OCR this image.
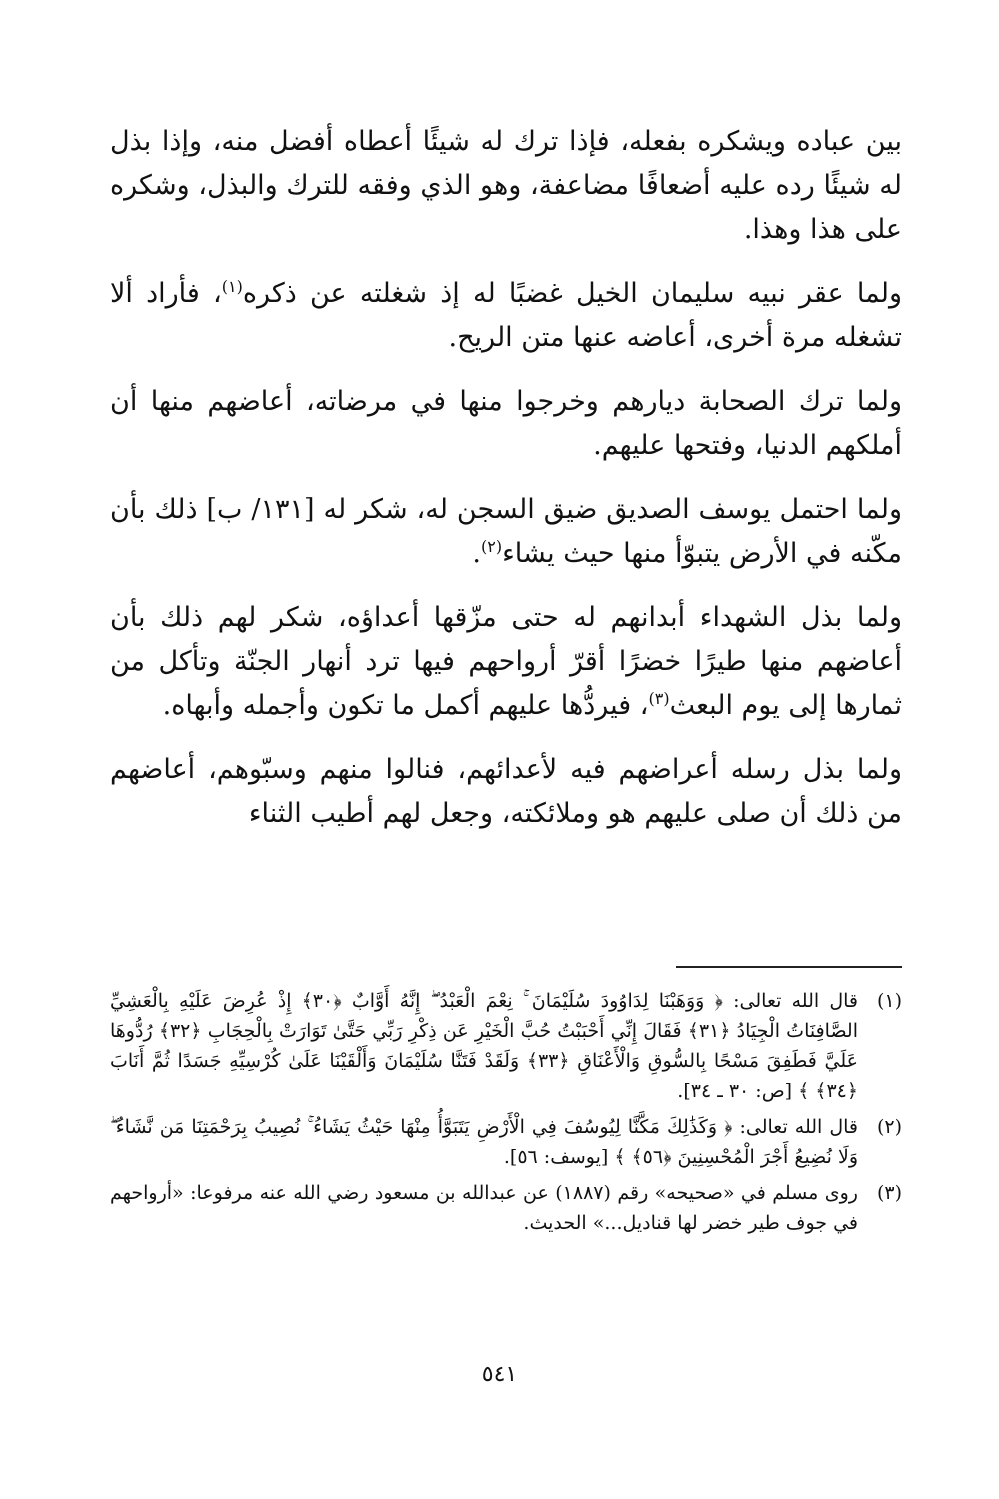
بين عباده ويشكره بفعله، فإذا ترك له شيئًا أعطاه أفضل منه، وإذا بذل له شيئًا رده عليه أضعافًا مضاعفة، وهو الذي وفقه للترك والبذل، وشكره على هذا وهذا.

ولما عقر نبيه سليمان الخيل غضبًا له إذ شغلته عن ذكره$^{(١)}$، فأراد ألا تشغله مرة أخرى، أعاضه عنها متن الريح.

ولما ترك الصحابة ديارهم وخرجوا منها في مرضاته، أعاضهم منها أن أملكهم الدنيا، وفتحها عليهم.

ولما احتمل يوسف الصديق ضيق السجن له، شكر له [١٣١/ ب] ذلك بأن مكّنه في الأرض يتبوّأ منها حيث يشاء$^{(٢)}$.

ولما بذل الشهداء أبدانهم له حتى مزّقها أعداؤه، شكر لهم ذلك بأن أعاضهم منها طيرًا خضرًا أقرّ أرواحهم فيها ترد أنهار الجنّة وتأكل من ثمارها إلى يوم البعث$^{(٣)}$، فيردُّها عليهم أكمل ما تكون وأجمله وأبهاه.

ولما بذل رسله أعراضهم فيه لأعدائهم، فنالوا منهم وسبّوهم، أعاضهم من ذلك أن صلى عليهم هو وملائكته، وجعل لهم أطيب الثناء

(١)
قال الله تعالى: ﴿ وَوَهَبْنَا لِدَاوُودَ سُلَيْمَانَ ۚ نِعْمَ الْعَبْدُ ۖ إِنَّهُ أَوَّابٌ ﴿٣٠﴾ إِذْ عُرِضَ عَلَيْهِ بِالْعَشِيِّ الصَّافِنَاتُ الْجِيَادُ ﴿٣١﴾ فَقَالَ إِنِّي أَحْبَبْتُ حُبَّ الْخَيْرِ عَن ذِكْرِ رَبِّي حَتَّىٰ تَوَارَتْ بِالْحِجَابِ ﴿٣٢﴾ رُدُّوهَا عَلَيَّ فَطَفِقَ مَسْحًا بِالسُّوقِ وَالْأَعْنَاقِ ﴿٣٣﴾ وَلَقَدْ فَتَنَّا سُلَيْمَانَ وَأَلْقَيْنَا عَلَىٰ كُرْسِيِّهِ جَسَدًا ثُمَّ أَنَابَ ﴿٣٤﴾ ﴾ [ص: ٣٠ ـ ٣٤].
(٢)
قال الله تعالى: ﴿ وَكَذَٰلِكَ مَكَّنَّا لِيُوسُفَ فِي الْأَرْضِ يَتَبَوَّأُ مِنْهَا حَيْثُ يَشَاءُ ۚ نُصِيبُ بِرَحْمَتِنَا مَن نَّشَاءُ ۖ وَلَا نُضِيعُ أَجْرَ الْمُحْسِنِينَ ﴿٥٦﴾ ﴾ [يوسف: ٥٦].
(٣)
روى مسلم في «صحيحه» رقم (١٨٨٧) عن عبدالله بن مسعود رضي الله عنه مرفوعا: «أرواحهم في جوف طير خضر لها قناديل...» الحديث.
٥٤١
